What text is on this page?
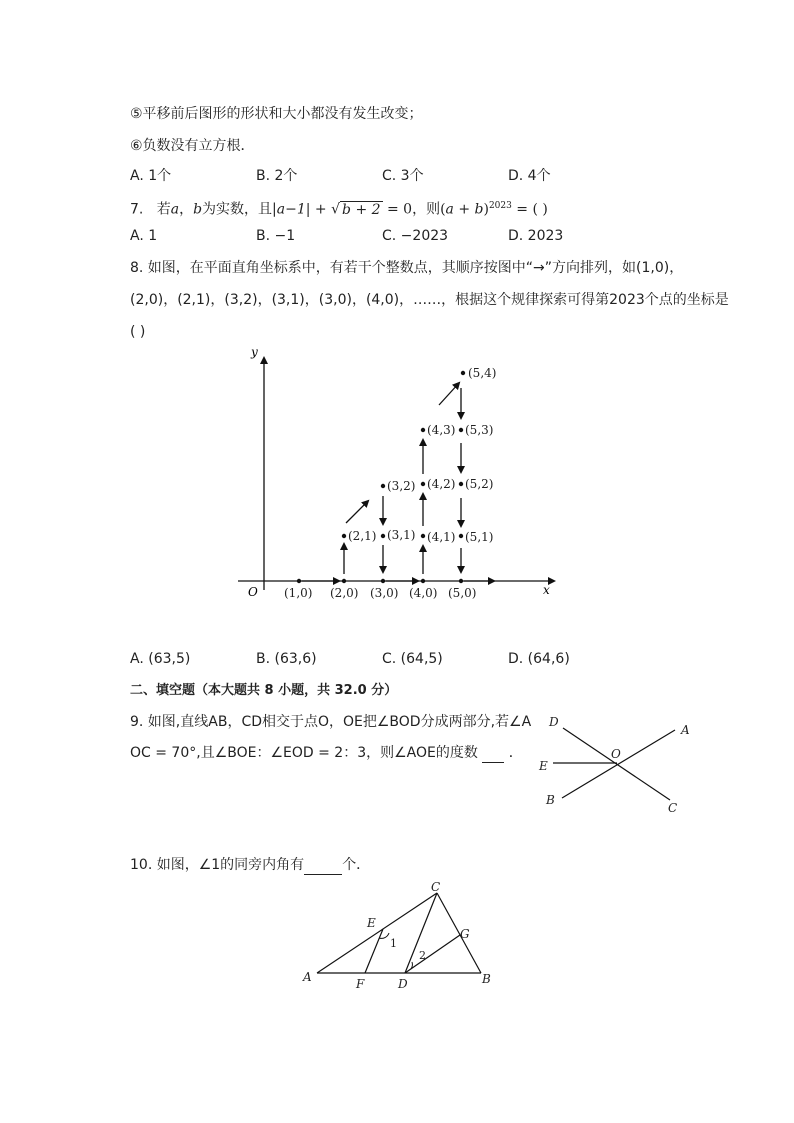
⑤平移前后图形的形状和大小都没有发生改变；
⑥负数没有立方根．
A. 1个	B. 2个	C. 3个	D. 4个
7. 若a，b为实数，且|a−1| + √ b + 2 = 0，则$(a + b)^{2023}$ = ( )
A. 1	B. −1	C. −2023	D. 2023
8. 如图，在平面直角坐标系中，有若干个整数点，其顺序按图中“→”方向排列，如(1,0)，
(2,0)，(2,1)，(3,2)，(3,1)，(3,0)，(4,0)，……，根据这个规律探索可得第2023个点的坐标是
( )
y
x
O (1,0) (2,0) (3,0) (4,0) (5,0)
(2,1) (3,1) (4,1) (5,1)
(3,2) (4,2) (5,2)
(4,3) (5,3)
(5,4)
A. (63,5)	B. (63,6)	C. (64,5)	D. (64,6)
二、填空题（本大题共 8 小题，共 32.0 分）
9. 如图,直线AB，CD相交于点O，OE把∠BOD分成两部分,若∠A
OC = 70°,且∠BOE：∠EOD = 2：3，则∠AOE的度数 ．
D
A
O
E
B
C
10. 如图，∠1的同旁内角有	个．
C
E
1
G
2
A	F	D	B
